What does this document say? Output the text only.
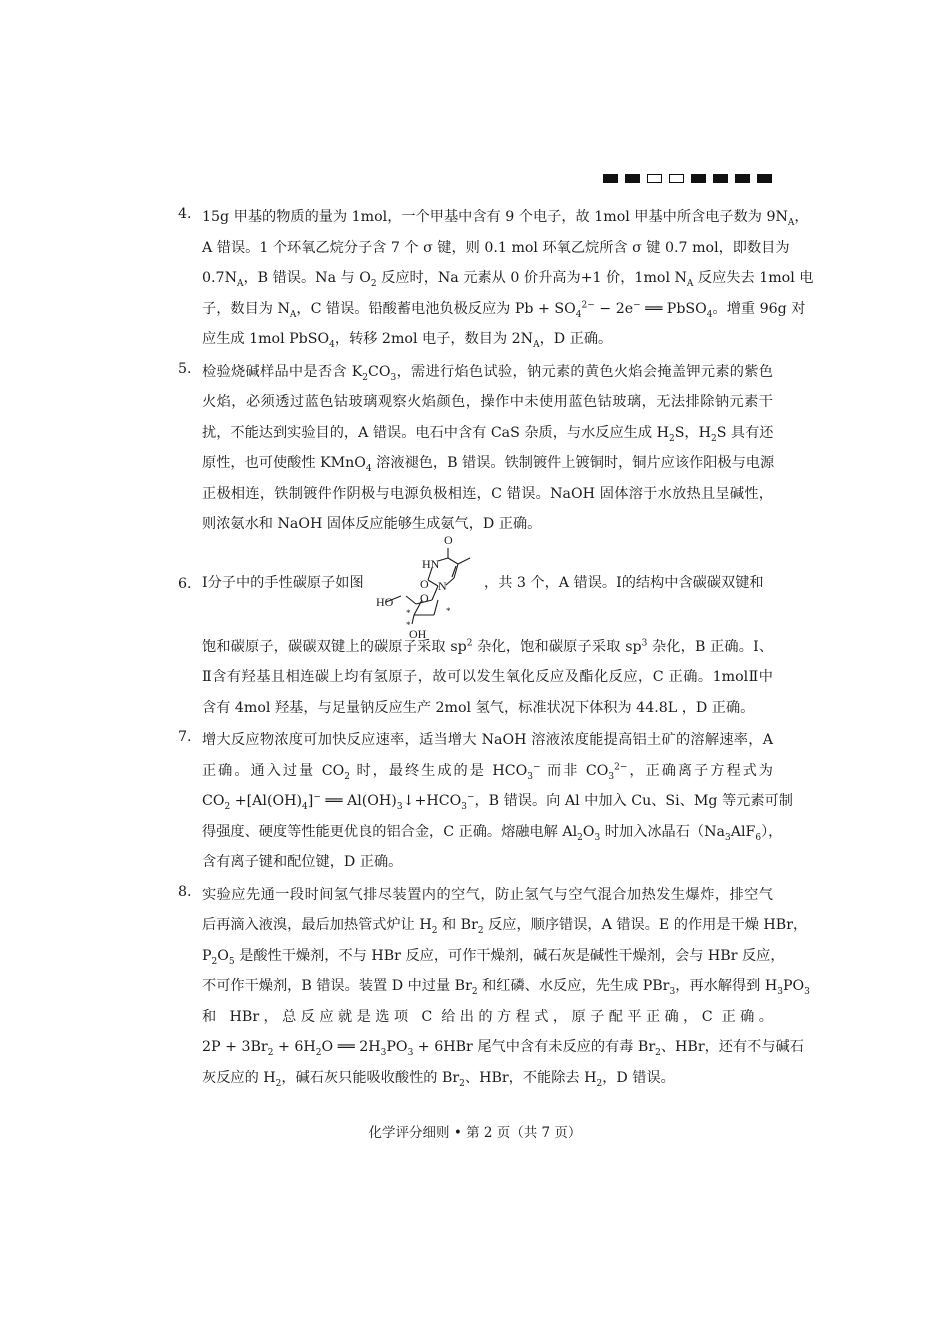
4. 15g 甲基的物质的量为 1mol，一个甲基中含有 9 个电子，故 1mol 甲基中所含电子数为 $9N_A$，
A 错误。1 个环氧乙烷分子含 7 个 σ 键，则 0.1 mol 环氧乙烷所含 σ 键 0.7 mol，即数目为
$0.7N_A$，B 错误。Na 与 $O_2$ 反应时，Na 元素从 0 价升高为+1 价，1mol $N_A$ 反应失去 1mol 电
子，数目为 $N_A$，C 错误。铅酸蓄电池负极反应为 $Pb + SO_4^{2-} - 2e^-$ ══ PbSO$_4$。增重 96g 对
应生成 1mol PbSO$_4$，转移 2mol 电子，数目为 $2N_A$，D 正确。
5. 检验烧碱样品中是否含 $K_2CO_3$，需进行焰色试验，钠元素的黄色火焰会掩盖钾元素的紫色
火焰，必须透过蓝色钴玻璃观察火焰颜色，操作中未使用蓝色钴玻璃，无法排除钠元素干
扰，不能达到实验目的，A 错误。电石中含有 CaS 杂质，与水反应生成 $H_2S$，$H_2S$ 具有还
原性，也可使酸性 KMnO$_4$ 溶液褪色，B 错误。铁制镀件上镀铜时，铜片应该作阳极与电源
正极相连，铁制镀件作阴极与电源负极相连，C 错误。NaOH 固体溶于水放热且呈碱性，
则浓氨水和 NaOH 固体反应能够生成氨气，D 正确。
6. Ⅰ分子中的手性碳原子如图
O
HN
O N
HO O
*	*
*
OH
，共 3 个，A 错误。Ⅰ的结构中含碳碳双键和
饱和碳原子，碳碳双键上的碳原子采取 $sp^2$ 杂化，饱和碳原子采取 $sp^3$ 杂化，B 正确。Ⅰ、
Ⅱ含有羟基且相连碳上均有氢原子，故可以发生氧化反应及酯化反应，C 正确。1molⅡ中
含有 4mol 羟基，与足量钠反应生产 2mol 氢气，标准状况下体积为 44.8L ，D 正确。
7. 增大反应物浓度可加快反应速率，适当增大 NaOH 溶液浓度能提高铝土矿的溶解速率，A
正确。通入过量 $CO_2$ 时，最终生成的是 $HCO_3^-$ 而非 $CO_3^{2-}$，正确离子方程式为
$CO_2 +[Al(OH)_4]^-$ ══ $Al(OH)_3↓+HCO_3^-$，B 错误。向 Al 中加入 Cu、Si、Mg 等元素可制
得强度、硬度等性能更优良的铝合金，C 正确。熔融电解 $Al_2O_3$ 时加入冰晶石$(Na_3AlF_6)$，
含有离子键和配位键，D 正确。
8. 实验应先通一段时间氢气排尽装置内的空气，防止氢气与空气混合加热发生爆炸，排空气
后再滴入液溴，最后加热管式炉让 $H_2$ 和 $Br_2$ 反应，顺序错误，A 错误。E 的作用是干燥 HBr，
$P_2O_5$ 是酸性干燥剂，不与 HBr 反应，可作干燥剂，碱石灰是碱性干燥剂，会与 HBr 反应，
不可作干燥剂，B 错误。装置 D 中过量 $Br_2$ 和红磷、水反应，先生成 PBr$_3$，再水解得到 $H_3PO_3$
和 HBr，总反应就是选项 C 给出的方程式，原子配平正确，C 正确。
$2P + 3Br_2 + 6H_2O$ ══ $2H_3PO_3 + 6HBr$ 尾气中含有未反应的有毒 $Br_2$、HBr，还有不与碱石
灰反应的 $H_2$，碱石灰只能吸收酸性的 $Br_2$、HBr，不能除去 $H_2$，D 错误。
化学评分细则 • 第 2 页（共 7 页）
